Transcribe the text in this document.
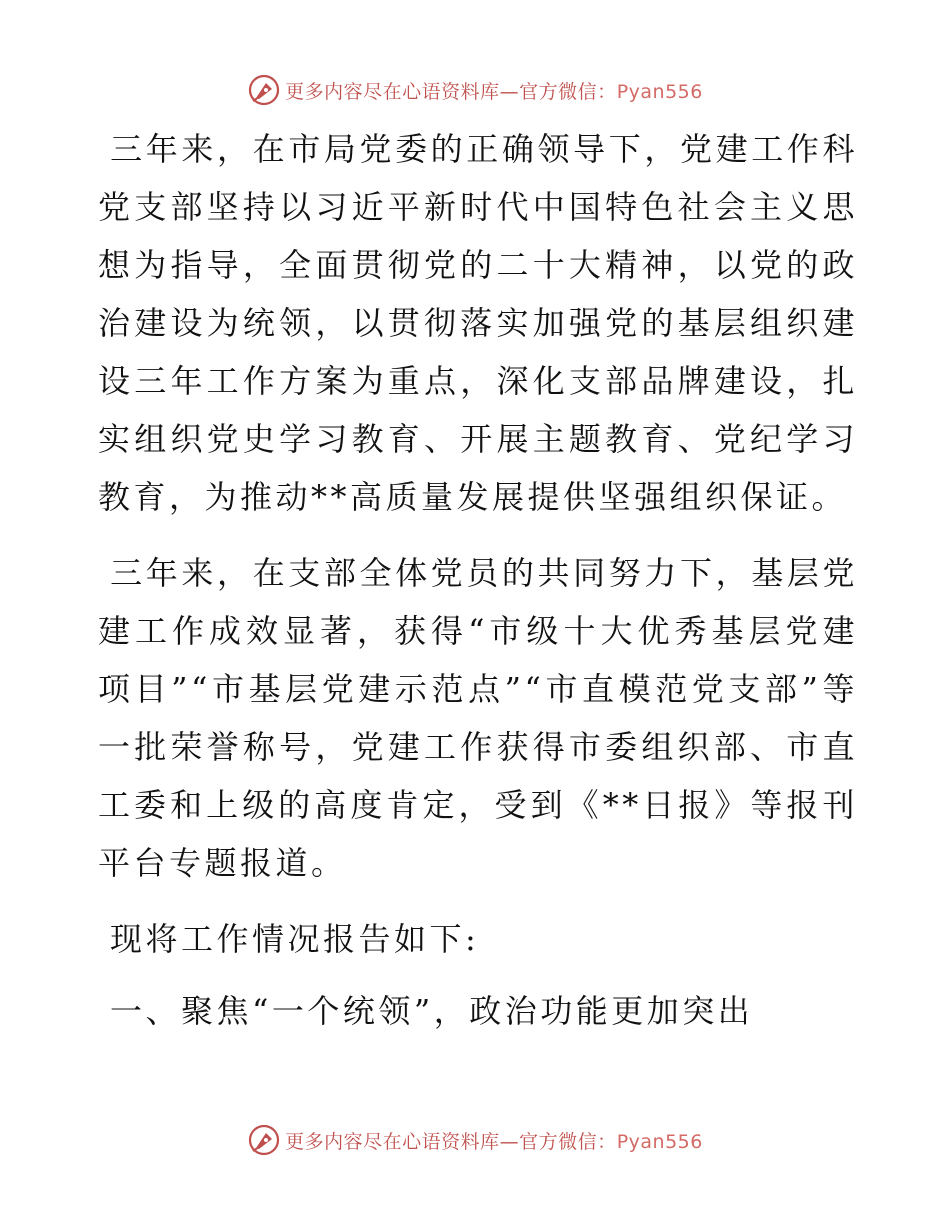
更多内容尽在心语资料库—官方微信：Pyan556

三年来，在市局党委的正确领导下，党建工作科党支部坚持以习近平新时代中国特色社会主义思想为指导，全面贯彻党的二十大精神，以党的政治建设为统领，以贯彻落实加强党的基层组织建设三年工作方案为重点，深化支部品牌建设，扎实组织党史学习教育、开展主题教育、党纪学习教育，为推动**高质量发展提供坚强组织保证。

三年来，在支部全体党员的共同努力下，基层党建工作成效显著，获得“市级十大优秀基层党建项目”“市基层党建示范点”“市直模范党支部”等一批荣誉称号，党建工作获得市委组织部、市直工委和上级的高度肯定，受到《**日报》等报刊平台专题报道。

现将工作情况报告如下:

一、聚焦“一个统领”，政治功能更加突出

更多内容尽在心语资料库—官方微信：Pyan556
